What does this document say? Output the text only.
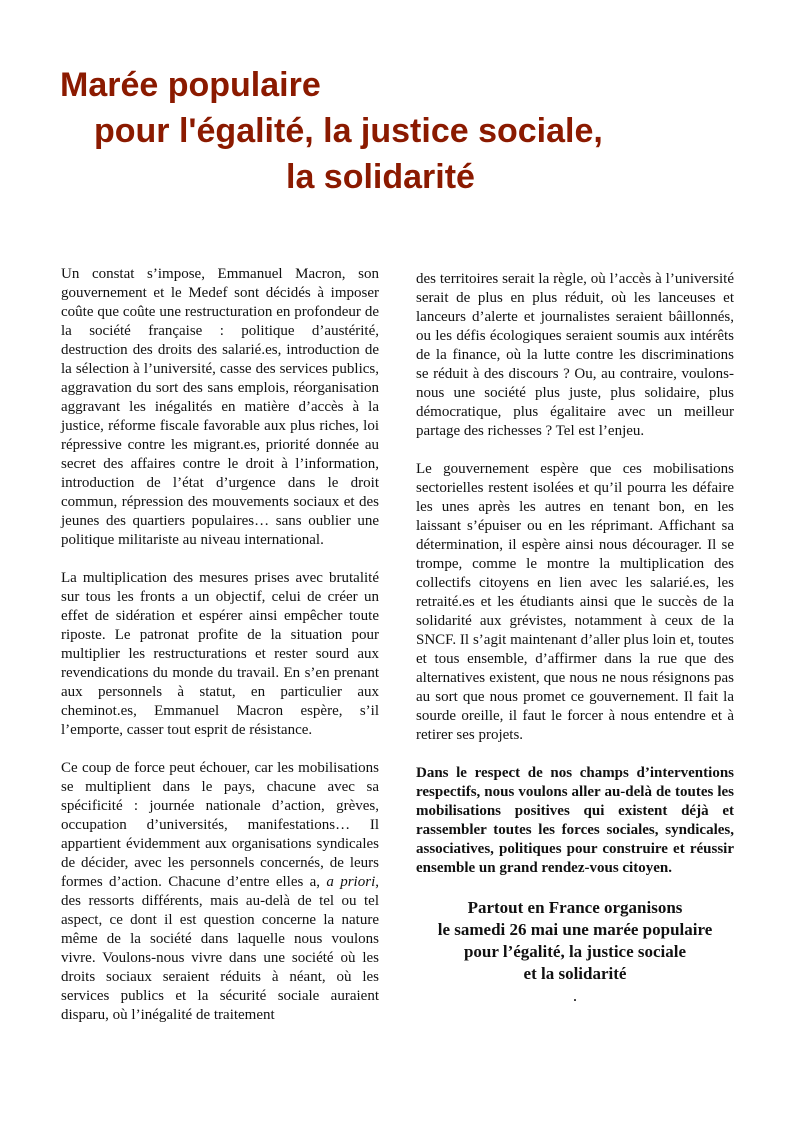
Marée populaire
pour l'égalité, la justice sociale,
la solidarité

Un constat s’impose, Emmanuel Macron, son gouvernement et le Medef sont décidés à imposer coûte que coûte une restructuration en profondeur de la société française : politique d’austérité, destruction des droits des salarié.es, introduction de la sélection à l’université, casse des services publics, aggravation du sort des sans emplois, réorganisation aggravant les inégalités en matière d’accès à la justice, réforme fiscale favorable aux plus riches, loi répressive contre les migrant.es, priorité donnée au secret des affaires contre le droit à l’information, introduction de l’état d’urgence dans le droit commun, répression des mouvements sociaux et des jeunes des quartiers populaires… sans oublier une politique militariste au niveau international.

La multiplication des mesures prises avec brutalité sur tous les fronts a un objectif, celui de créer un effet de sidération et espérer ainsi empêcher toute riposte. Le patronat profite de la situation pour multiplier les restructurations et rester sourd aux revendications du monde du travail. En s’en prenant aux personnels à statut, en particulier aux cheminot.es, Emmanuel Macron espère, s’il l’emporte, casser tout esprit de résistance.

Ce coup de force peut échouer, car les mobilisations se multiplient dans le pays, chacune avec sa spécificité : journée nationale d’action, grèves, occupation d’universités, manifestations… Il appartient évidemment aux organisations syndicales de décider, avec les personnels concernés, de leurs formes d’action. Chacune d’entre elles a, a priori, des ressorts différents, mais au-delà de tel ou tel aspect, ce dont il est question concerne la nature même de la société dans laquelle nous voulons vivre. Voulons-nous vivre dans une société où les droits sociaux seraient réduits à néant, où les services publics et la sécurité sociale auraient disparu, où l’inégalité de traitement

des territoires serait la règle, où l’accès à l’université serait de plus en plus réduit, où les lanceuses et lanceurs d’alerte et journalistes seraient bâillonnés, ou les défis écologiques seraient soumis aux intérêts de la finance, où la lutte contre les discriminations se réduit à des discours ? Ou, au contraire, voulons-nous une société plus juste, plus solidaire, plus démocratique, plus égalitaire avec un meilleur partage des richesses ? Tel est l’enjeu.

Le gouvernement espère que ces mobilisations sectorielles restent isolées et qu’il pourra les défaire les unes après les autres en tenant bon, en les laissant s’épuiser ou en les réprimant. Affichant sa détermination, il espère ainsi nous décourager. Il se trompe, comme le montre la multiplication des collectifs citoyens en lien avec les salarié.es, les retraité.es et les étudiants ainsi que le succès de la solidarité aux grévistes, notamment à ceux de la SNCF. Il s’agit maintenant d’aller plus loin et, toutes et tous ensemble, d’affirmer dans la rue que des alternatives existent, que nous ne nous résignons pas au sort que nous promet ce gouvernement. Il fait la sourde oreille, il faut le forcer à nous entendre et à retirer ses projets.

Dans le respect de nos champs d’interventions respectifs, nous voulons aller au-delà de toutes les mobilisations positives qui existent déjà et rassembler toutes les forces sociales, syndicales, associatives, politiques pour construire et réussir ensemble un grand rendez-vous citoyen.

Partout en France organisons
le samedi 26 mai une marée populaire
pour l’égalité, la justice sociale
et la solidarité
.
